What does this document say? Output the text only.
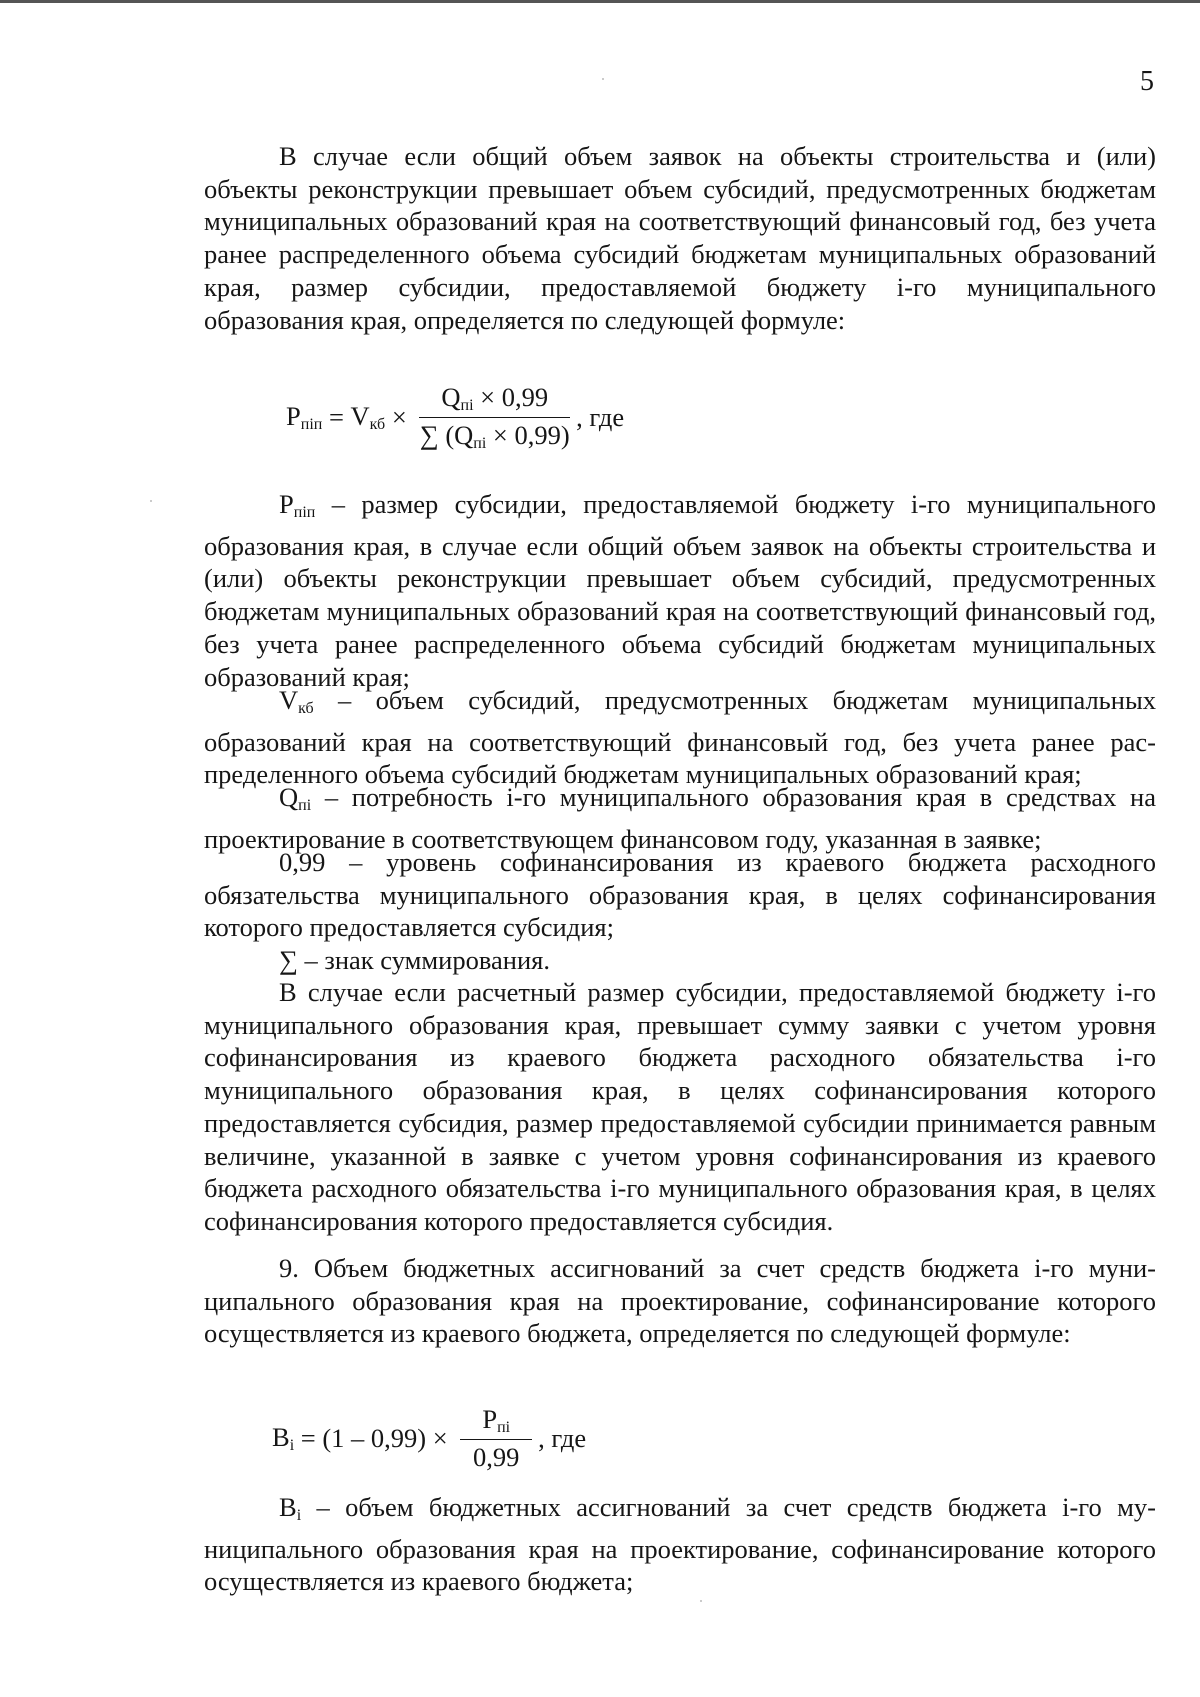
5

В случае если общий объем заявок на объекты строительства и (или) объекты реконструкции превышает объем субсидий, предусмотренных бюджетам муниципальных образований края на соответствующий финансовый год, без учета ранее распределенного объема субсидий бюджетам муниципальных образований края, размер субсидии, предоставляемой бюджету i-го муниципального образования края, определяется по следующей формуле:

$P_{піп} = V_{кб} \times \frac{Q_{пі} \times 0,99}{\sum (Q_{пі} \times 0,99)}$ , где

$P_{піп}$ – размер субсидии, предоставляемой бюджету i-го муниципального образования края, в случае если общий объем заявок на объекты строительства и (или) объекты реконструкции превышает объем субсидий, предусмотренных бюджетам муниципальных образований края на соответствующий финансовый год, без учета ранее распределенного объема субсидий бюджетам муниципальных образований края;

$V_{кб}$ – объем субсидий, предусмотренных бюджетам муниципальных образований края на соответствующий финансовый год, без учета ранее распределенного объема субсидий бюджетам муниципальных образований края;

$Q_{пі}$ – потребность i-го муниципального образования края в средствах на проектирование в соответствующем финансовом году, указанная в заявке;

0,99 – уровень софинансирования из краевого бюджета расходного обязательства муниципального образования края, в целях софинансирования которого предоставляется субсидия;

∑ – знак суммирования.

В случае если расчетный размер субсидии, предоставляемой бюджету i-го муниципального образования края, превышает сумму заявки с учетом уровня софинансирования из краевого бюджета расходного обязательства i-го муниципального образования края, в целях софинансирования которого предоставляется субсидия, размер предоставляемой субсидии принимается равным величине, указанной в заявке с учетом уровня софинансирования из краевого бюджета расходного обязательства i-го муниципального образования края, в целях софинансирования которого предоставляется субсидия.

9. Объем бюджетных ассигнований за счет средств бюджета i-го муниципального образования края на проектирование, софинансирование которого осуществляется из краевого бюджета, определяется по следующей формуле:

$B_i = (1 - 0,99) \times \frac{P_{пі}}{0,99}$ , где

$B_i$ – объем бюджетных ассигнований за счет средств бюджета i-го муниципального образования края на проектирование, софинансирование которого осуществляется из краевого бюджета;
